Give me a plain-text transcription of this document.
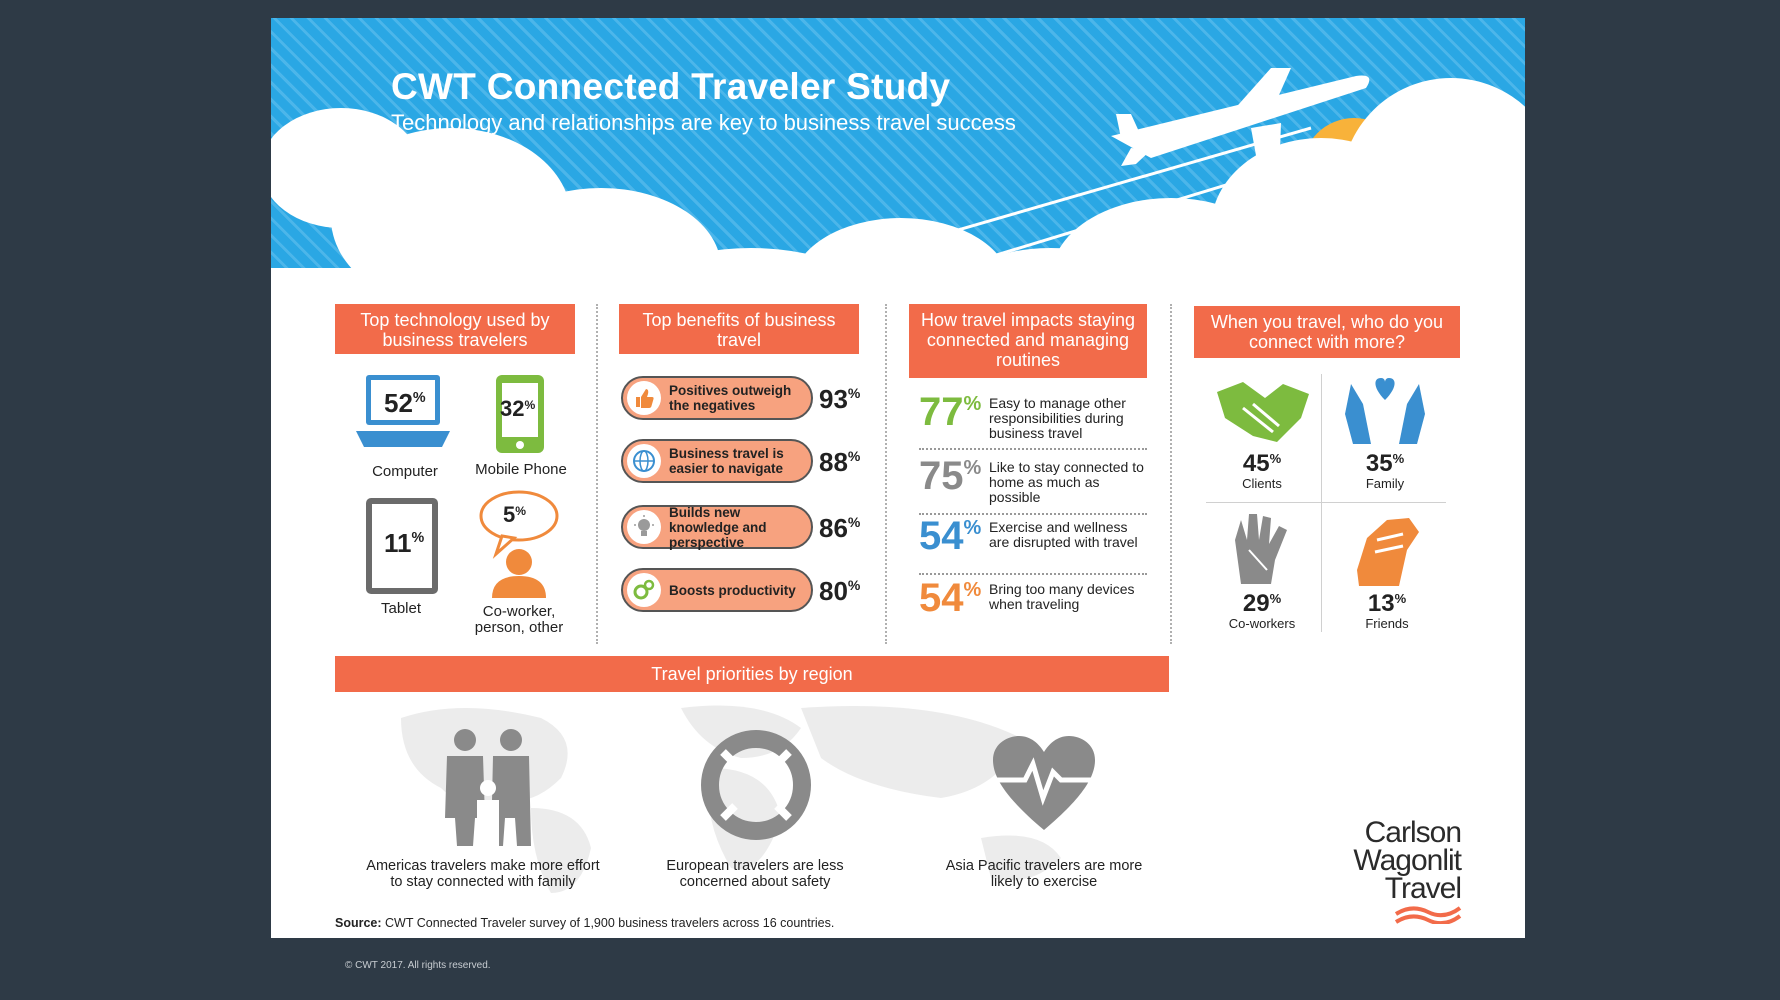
CWT Connected Traveler Study
Technology and relationships are key to business travel success
Top technology used by business travelers
Top benefits of business travel
How travel impacts staying connected and managing routines
When you travel, who do you connect with more?
52%
Computer
32%
Mobile Phone
11%
Tablet
5%
Co-worker, person, other
Positives outweigh the negatives	93%
Business travel is easier to navigate	88%
Builds new knowledge and perspective	86%
Boosts productivity 80%
77% Easy to manage other responsibilities during business travel
75% Like to stay connected to home as much as possible
54% Exercise and wellness are disrupted with travel
54% Bring too many devices when traveling
45%
Clients
35%
Family
29%
Co-workers
13%
Friends
Travel priorities by region
Americas travelers make more effort to stay connected with family
European travelers are less concerned about safety
Asia Pacific travelers are more likely to exercise
Carlson
Wagonlit
Travel
Source: CWT Connected Traveler survey of 1,900 business travelers across 16 countries.
© CWT 2017. All rights reserved.
